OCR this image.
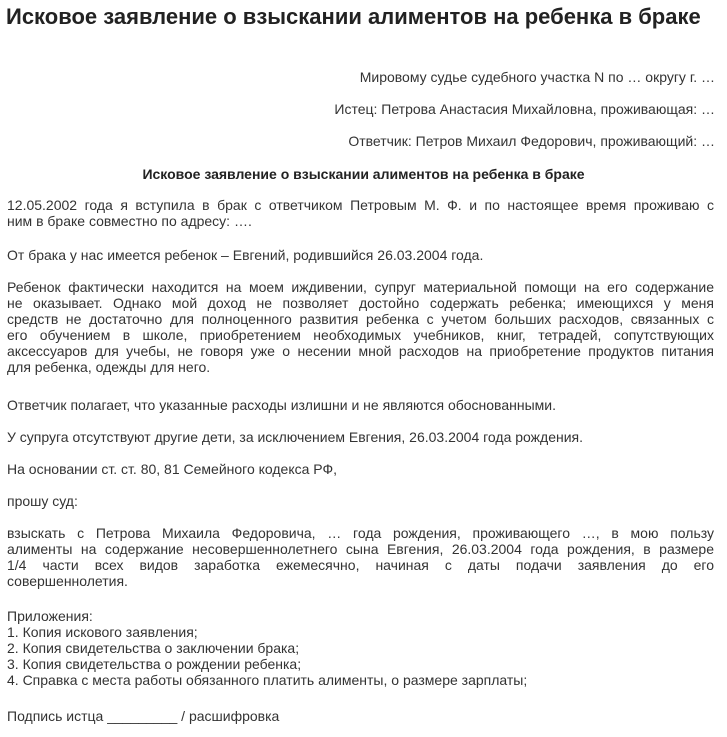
Исковое заявление о взыскании алиментов на ребенка в браке
Мировому судье судебного участка N по … округу г. …
Истец: Петрова Анастасия Михайловна, проживающая: …
Ответчик: Петров Михаил Федорович, проживающий: …
Исковое заявление о взыскании алиментов на ребенка в браке
12.05.2002 года я вступила в брак с ответчиком Петровым М. Ф. и по настоящее время проживаю с
ним в браке совместно по адресу: ….
От брака у нас имеется ребенок – Евгений, родившийся 26.03.2004 года.
Ребенок фактически находится на моем иждивении, супруг материальной помощи на его содержание
не оказывает. Однако мой доход не позволяет достойно содержать ребенка; имеющихся у меня
средств не достаточно для полноценного развития ребенка с учетом больших расходов, связанных с
его обучением в школе, приобретением необходимых учебников, книг, тетрадей, сопутствующих
аксессуаров для учебы, не говоря уже о несении мной расходов на приобретение продуктов питания
для ребенка, одежды для него.
Ответчик полагает, что указанные расходы излишни и не являются обоснованными.
У супруга отсутствуют другие дети, за исключением Евгения, 26.03.2004 года рождения.
На основании ст. ст. 80, 81 Семейного кодекса РФ,
прошу суд:
взыскать с Петрова Михаила Федоровича, … года рождения, проживающего …, в мою пользу
алименты на содержание несовершеннолетнего сына Евгения, 26.03.2004 года рождения, в размере
1/4 части всех видов заработка ежемесячно, начиная с даты подачи заявления до его
совершеннолетия.
Приложения:
1. Копия искового заявления;
2. Копия свидетельства о заключении брака;
3. Копия свидетельства о рождении ребенка;
4. Справка с места работы обязанного платить алименты, о размере зарплаты;
Подпись истца _________ / расшифровка
